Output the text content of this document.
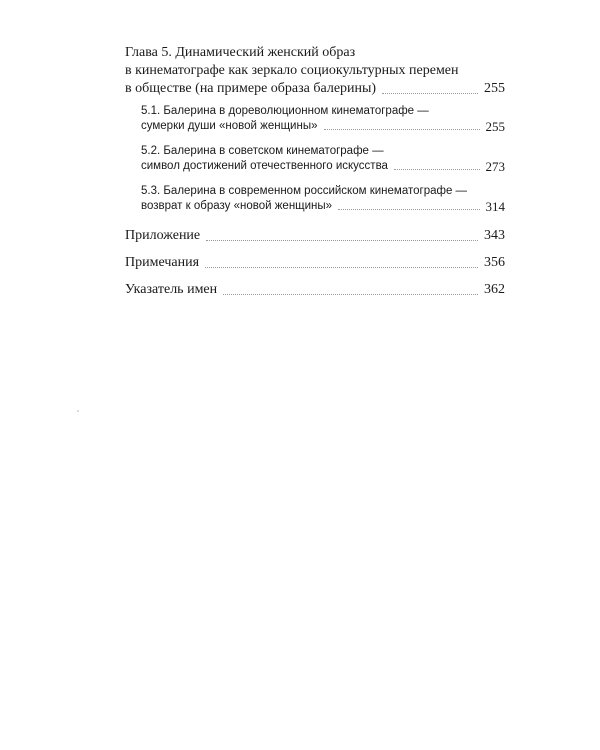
Глава 5. Динамический женский образ

в кинематографе как зеркало социокультурных перемен

в обществе (на примере образа балерины)	255

5.1. Балерина в дореволюционном кинематографе —

сумерки души «новой женщины»	255

5.2. Балерина в советском кинематографе —

символ достижений отечественного искусства	273

5.3. Балерина в современном российском кинематографе —

возврат к образу «новой женщины»	314
Приложение	343
Примечания	356
Указатель имен	362
